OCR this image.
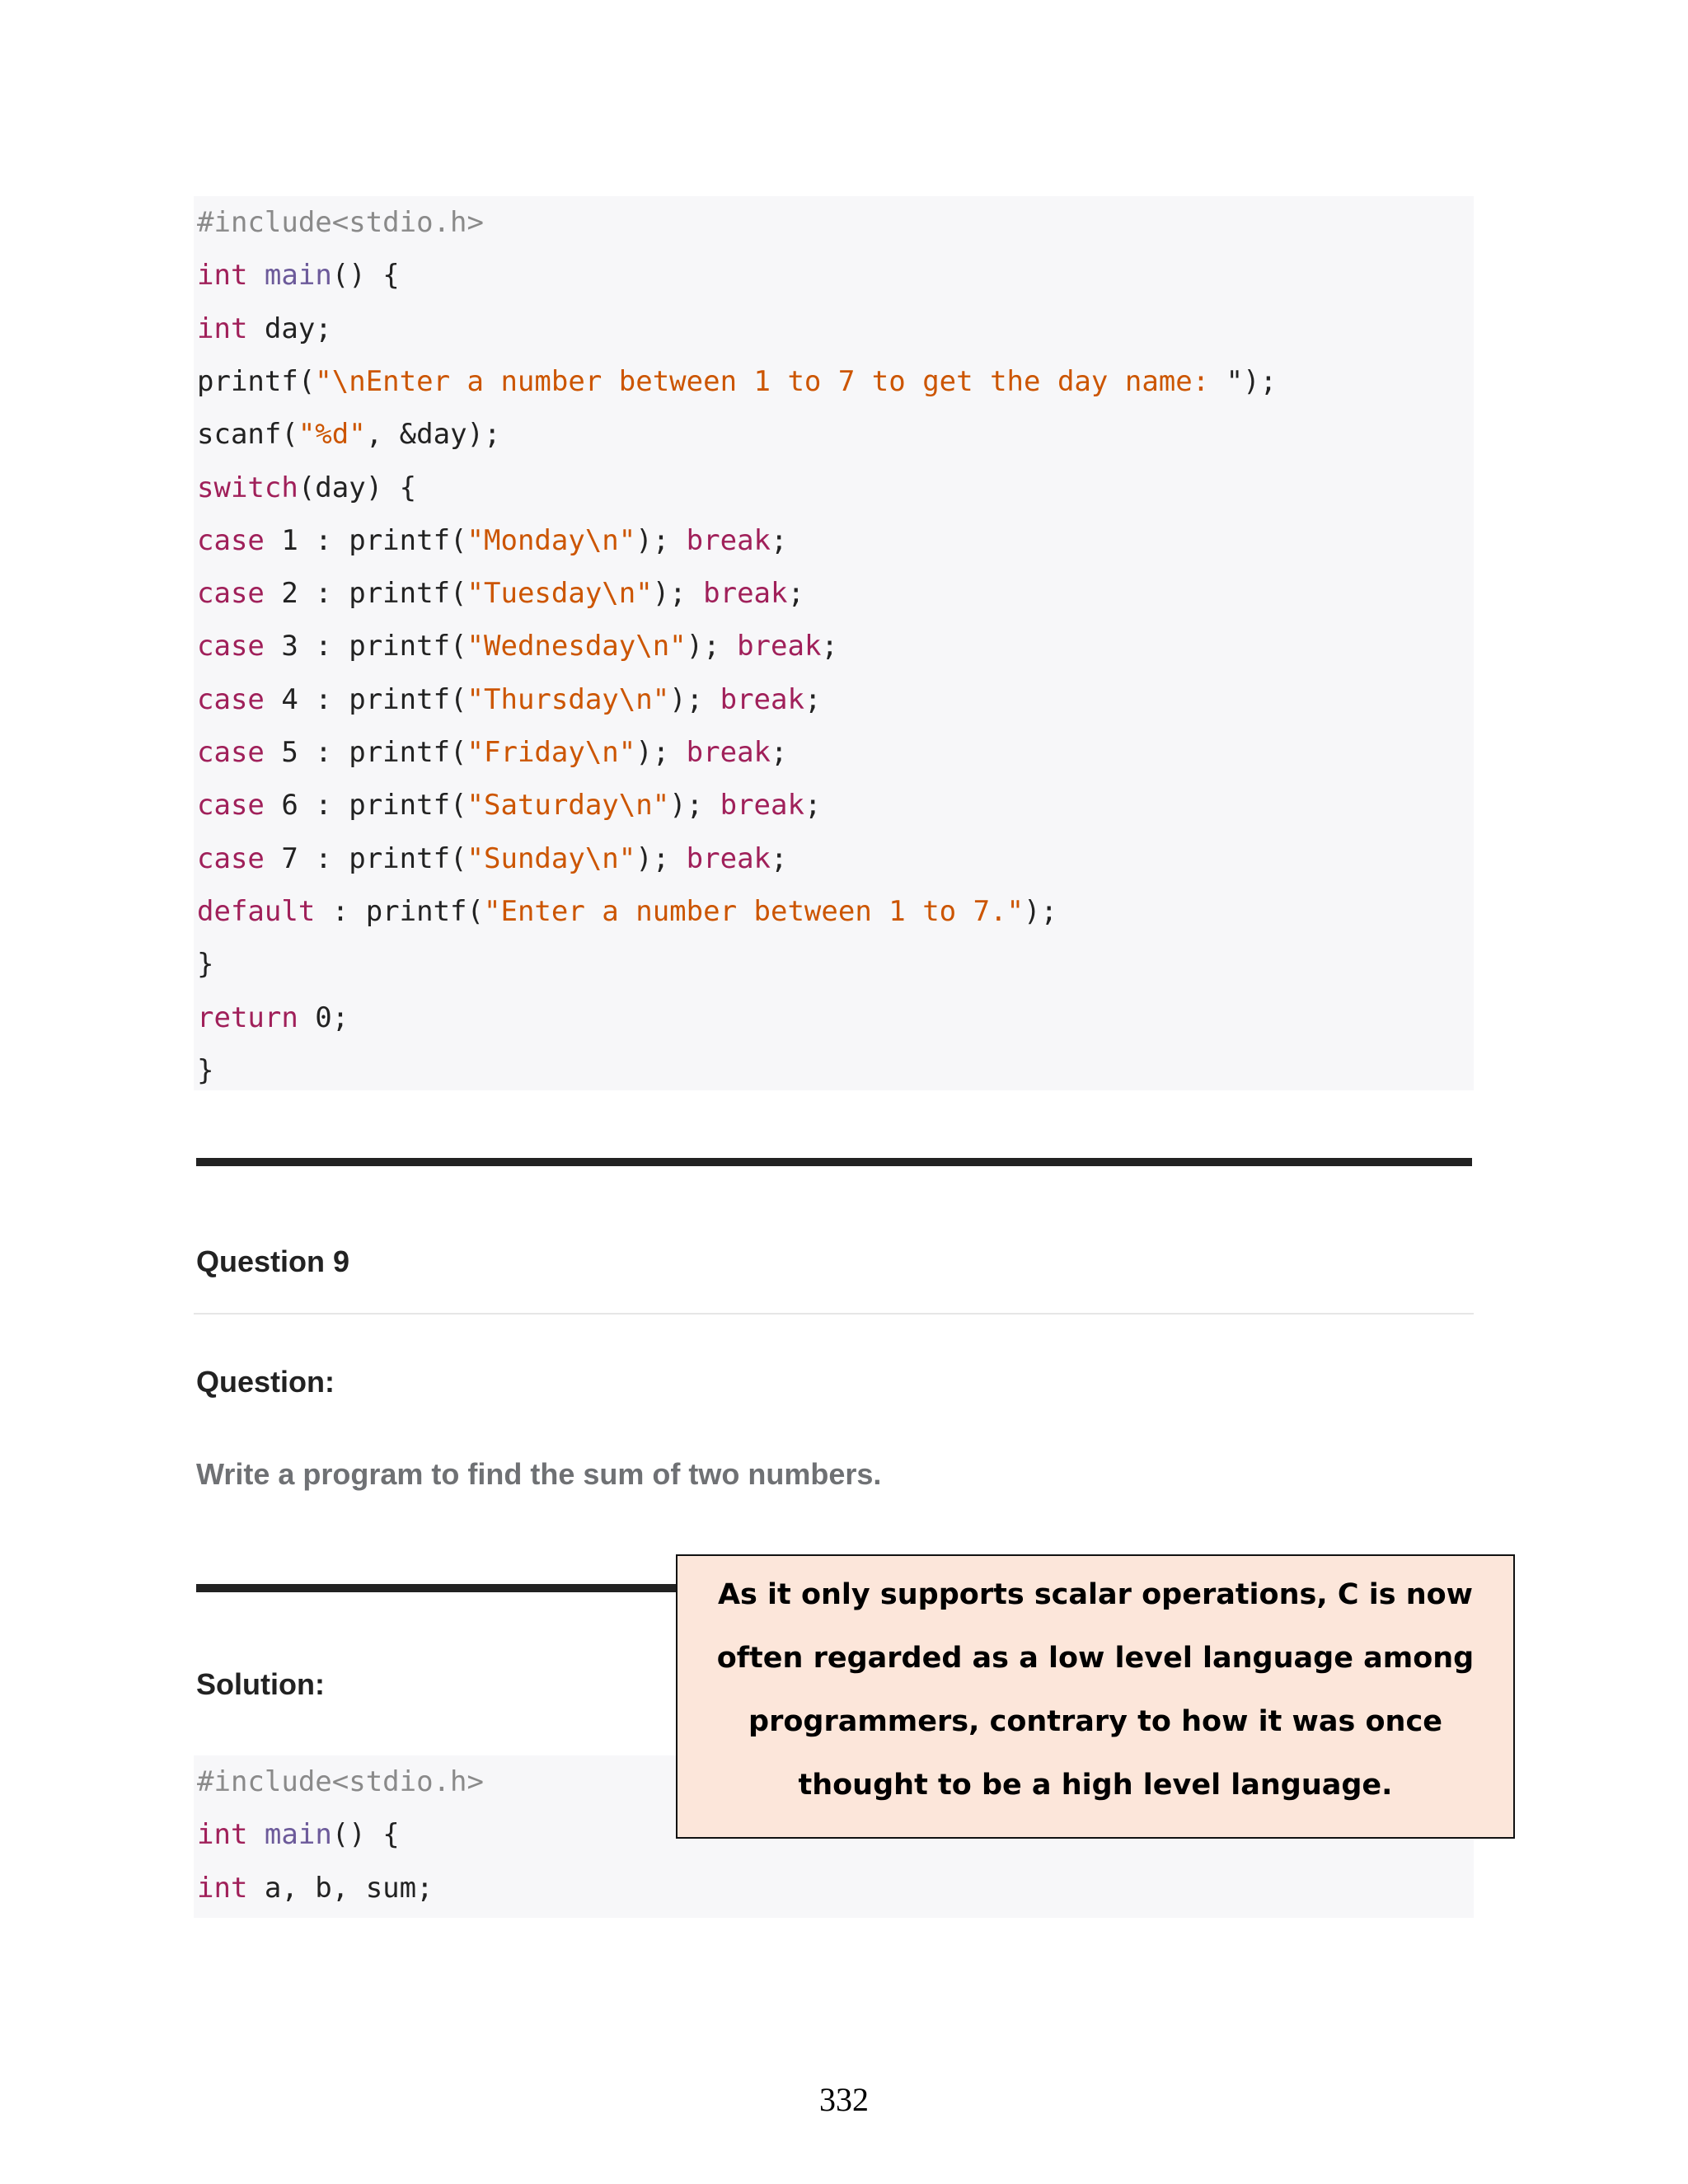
#include<stdio.h>
int main() {
int day;
printf("\nEnter a number between 1 to 7 to get the day name: ");
scanf("%d", &day);
switch(day) {
case 1 : printf("Monday\n"); break;
case 2 : printf("Tuesday\n"); break;
case 3 : printf("Wednesday\n"); break;
case 4 : printf("Thursday\n"); break;
case 5 : printf("Friday\n"); break;
case 6 : printf("Saturday\n"); break;
case 7 : printf("Sunday\n"); break;
default : printf("Enter a number between 1 to 7.");
}
return 0;
}
Question 9
Question:
Write a program to find the sum of two numbers.
Solution:
#include<stdio.h>
int main() {
int a, b, sum;
As it only supports scalar operations, C is now
often regarded as a low level language among
programmers, contrary to how it was once
thought to be a high level language.
332
